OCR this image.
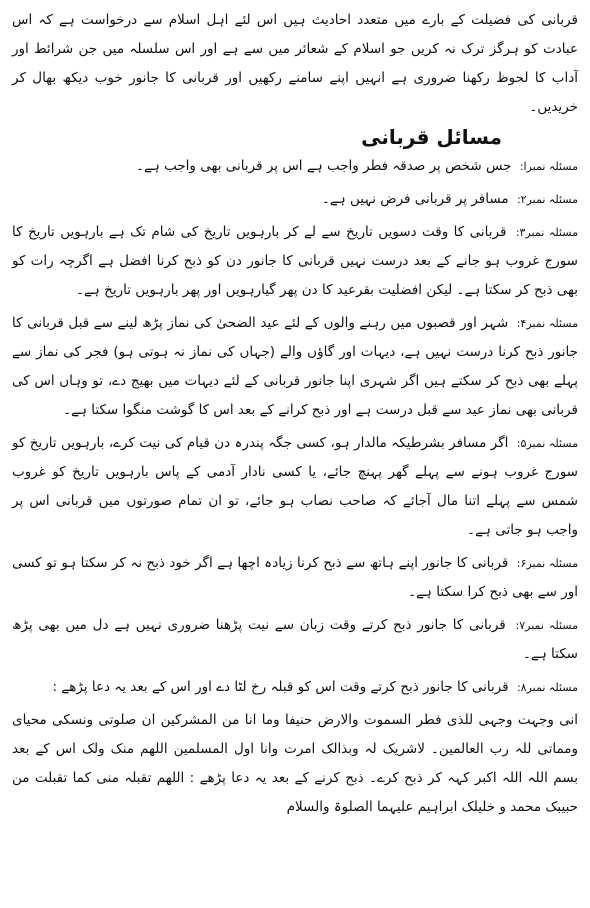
قربانی کی فضیلت کے بارے میں متعدد احادیث ہیں اس لئے اہل اسلام سے درخواست ہے کہ اس عبادت کو ہرگز ترک نہ کریں جو اسلام کے شعائر میں سے ہے اور اس سلسلہ میں جن شرائط اور آداب کا لحوظ رکھنا ضروری ہے انہیں اپنے سامنے رکھیں اور قربانی کا جانور خوب دیکھ بھال کر خریدیں۔

مسائل قربانی

مسئلہ نمبرا: جس شخص پر صدقہ فطر واجب ہے اس پر قربانی بھی واجب ہے۔

مسئلہ نمبر۲: مسافر پر قربانی فرض نہیں ہے۔

مسئلہ نمبر۳: قربانی کا وقت دسویں تاریخ سے لے کر بارہویں تاریخ کی شام تک ہے بارہویں تاریخ کا سورج غروب ہو جانے کے بعد درست نہیں قربانی کا جانور دن کو ذبح کرنا افضل ہے اگرچہ رات کو بھی ذبح کر سکتا ہے۔ لیکن افضلیت بقرعید کا دن پھر گیارہویں اور پھر بارہویں تاریخ ہے۔

مسئلہ نمبر۴: شہر اور قصبوں میں رہنے والوں کے لئے عید الضحیٰ کی نماز پڑھ لینے سے قبل قربانی کا جانور ذبح کرنا درست نہیں ہے، دیہات اور گاؤں والے (جہاں کی نماز نہ ہوتی ہو) فجر کی نماز سے پہلے بھی ذبح کر سکتے ہیں اگر شہری اپنا جانور قربانی کے لئے دیہات میں بھیج دے، تو وہاں اس کی قربانی بھی نماز عید سے قبل درست ہے اور ذبح کرانے کے بعد اس کا گوشت منگوا سکتا ہے۔

مسئلہ نمبر۵: اگر مسافر بشرطیکہ مالدار ہو، کسی جگہ پندرہ دن قیام کی نیت کرے، بارہویں تاریخ کو سورج غروب ہونے سے پہلے گھر پہنچ جائے، یا کسی نادار آدمی کے پاس بارہویں تاریخ کو غروب شمس سے پہلے اتنا مال آجائے کہ صاحب نصاب ہو جائے، تو ان تمام صورتوں میں قربانی اس پر واجب ہو جاتی ہے۔

مسئلہ نمبر۶: قربانی کا جانور اپنے ہاتھ سے ذبح کرنا زیادہ اچھا ہے اگر خود ذبح نہ کر سکتا ہو تو کسی اور سے بھی ذبح کرا سکتا ہے۔

مسئلہ نمبر۷: قربانی کا جانور ذبح کرتے وقت زبان سے نیت پڑھنا ضروری نہیں ہے دل میں بھی پڑھ سکتا ہے۔

مسئلہ نمبر۸: قربانی کا جانور ذبح کرتے وقت اس کو قبلہ رخ لٹا دے اور اس کے بعد یہ دعا پڑھے :

انی وجہت وجہی للذی فطر السموت والارض حنیفا وما انا من المشرکین ان صلوتی ونسکی محیای ومماتی للہ رب العالمین۔ لاشریک لہ وبذالک امرت وانا اول المسلمین اللھم منک ولک اس کے بعد بسم اللہ اللہ اکبر کہہ کر ذبح کرے۔ ذبح کرنے کے بعد یہ دعا پڑھے : اللھم تقبلہ منی کما تقبلت من حبیبک محمد و خلیلک ابراہیم علیہما الصلوۃ والسلام
